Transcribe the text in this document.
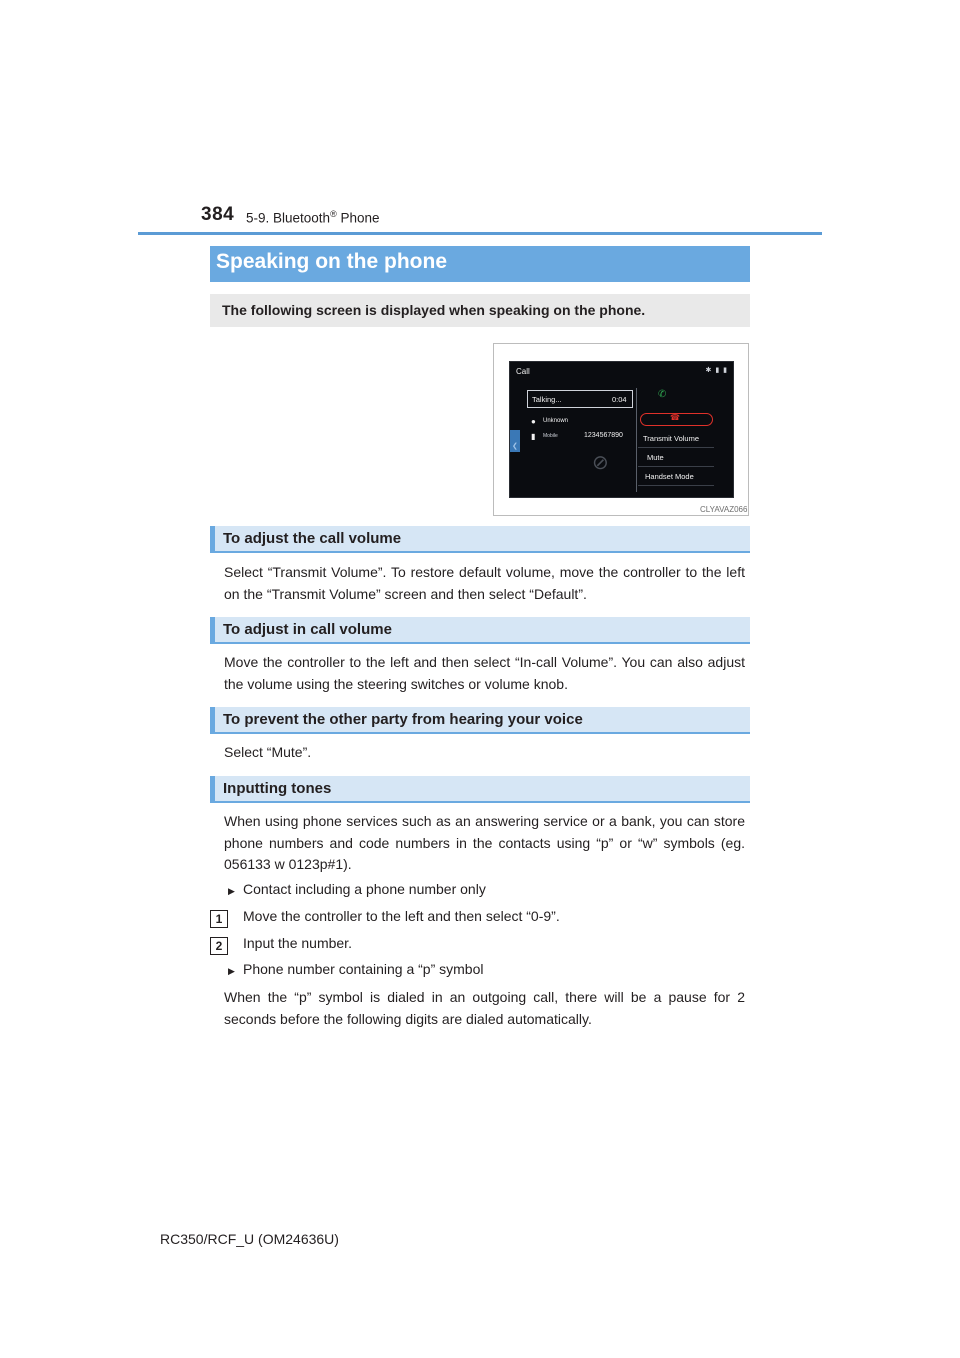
384 5-9. Bluetooth® Phone
Speaking on the phone
The following screen is displayed when speaking on the phone.
Call	✱ ▮ ▮
Talking...	0:04
● Unknown
▮ Mobile	1234567890
❮
⊘
✆
☎
Transmit Volume
Mute
Handset Mode
CLYAVAZ066
To adjust the call volume
Select “Transmit Volume”. To restore default volume, move the controller to the left on the “Transmit Volume” screen and then select “Default”.
To adjust in call volume
Move the controller to the left and then select “In-call Volume”. You can also adjust the volume using the steering switches or volume knob.
To prevent the other party from hearing your voice
Select “Mute”.
Inputting tones
When using phone services such as an answering service or a bank, you can store phone numbers and code numbers in the contacts using “p” or “w” symbols (eg. 056133 w 0123p#1).
▶ Contact including a phone number only
1	Move the controller to the left and then select “0-9”.
2	Input the number.
▶ Phone number containing a “p” symbol
When the “p” symbol is dialed in an outgoing call, there will be a pause for 2 seconds before the following digits are dialed automatically.
RC350/RCF_U (OM24636U)
